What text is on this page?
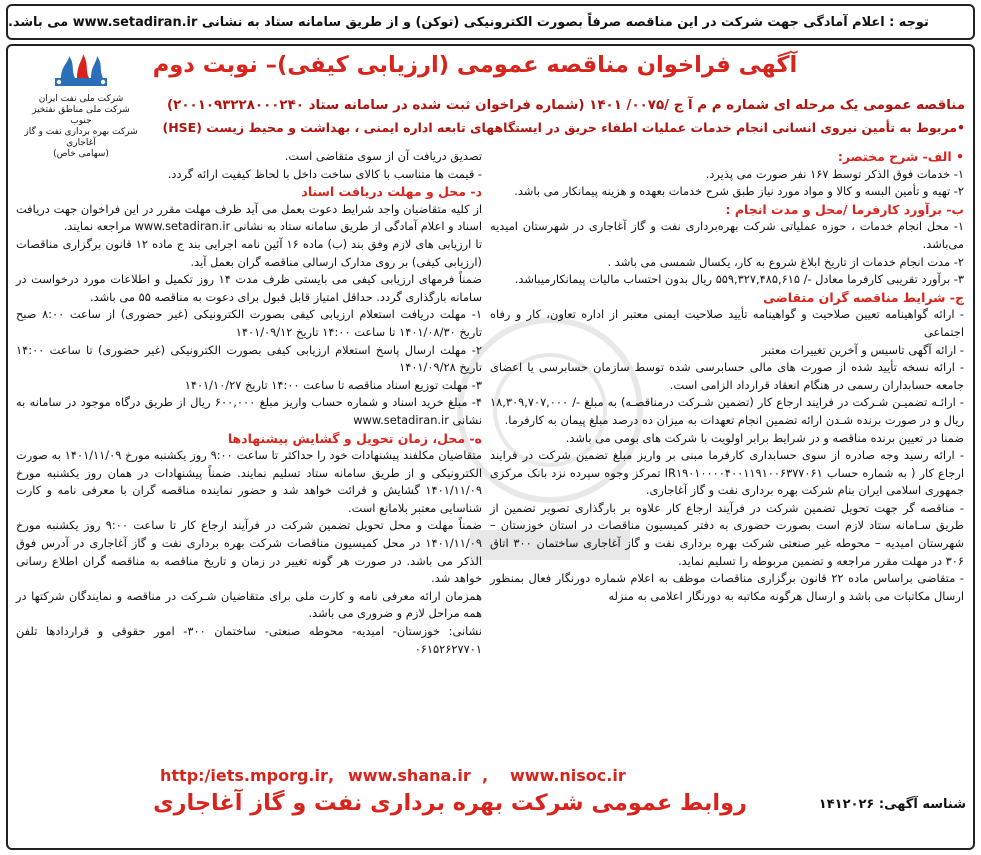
توجه : اعلام آمادگی جهت شرکت در این مناقصه صرفاً بصورت الکترونیکی (توکن) و از طریق سامانه ستاد به نشانی www.setadiran.ir می باشد.
شرکت ملی نفت ایران
شرکت ملی مناطق نفتخیز جنوب
شرکت بهره برداری نفت و گاز آغاجاری
(سهامی خاص)
آگهی فراخوان مناقصه عمومی (ارزیابی کیفی)– نوبت دوم
مناقصه عمومی یک مرحله ای شماره م م آ ج /۰۰۷۵/ ۱۴۰۱ (شماره فراخوان ثبت شده در سامانه ستاد ۲۰۰۱۰۹۳۲۲۸۰۰۰۲۴۰)
•مربوط به تأمین نیروی انسانی انجام خدمات عملیات اطفاء حریق در ایستگاههای تابعه اداره ایمنی ، بهداشت و محیط زیست (HSE)

• الف- شرح مختصر:

۱- خدمات فوق الذکر توسط ۱۶۷ نفر صورت می پذیرد.

۲- تهیه و تأمین البسه و کالا و مواد مورد نیاز طبق شرح خدمات بعهده و هزینه پیمانکار می باشد.

ب- برآورد کارفرما /محل و مدت انجام :

۱- محل انجام خدمات ، حوزه عملیاتی شرکت بهره‌برداری نفت و گاز آغاجاری در شهرستان امیدیه می‌باشد.

۲- مدت انجام خدمات از تاریخ ابلاغ شروع به کار، یکسال شمسی می باشد .

۳- برآورد تقریبی کارفرما معادل -/ ۵۵۹,۳۲۷,۴۸۵,۶۱۵ ریال بدون احتساب مالیات پیمانکارمیباشد.

ج- شرایط مناقصه گران متقاضی

- ارائه گواهینامه تعیین صلاحیت و گواهینامه تأیید صلاحیت ایمنی معتبر از اداره تعاون، کار و رفاه اجتماعی

- ارائه آگهی تاسیس و آخرین تغییرات معتبر

- ارائه نسخه تأیید شده از صورت های مالی حسابرسی شده توسط سازمان حسابرسی یا اعضای جامعه حسابداران رسمی در هنگام انعقاد قرارداد الزامی است.

- ارائـه تضمیـن شـرکت در فرایند ارجاع کار (تضمین شـرکت درمناقصـه) به مبلغ -/ ۱۸,۳۰۹,۷۰۷,۰۰۰ ریال و در صورت برنده شـدن ارائه تضمین انجام تعهدات به میزان ده درصد مبلغ پیمان به کارفرما.

ضمنا در تعیین برنده مناقصه و در شرایط برابر اولویت با شرکت های بومی می باشد.

- ارائه رسید وجه صادره از سوی حسابداری کارفرما مبنی بر واریز مبلغ تضمین شرکت در فرایند ارجاع کار ( به شماره حساب IR۱۹۰۱۰۰۰۰۴۰۰۱۱۹۱۰۰۶۳۷۷۰۶۱ تمرکز وجوه سپرده نزد بانک مرکزی جمهوری اسلامی ایران بنام شرکت بهره برداری نفت و گاز آغاجاری.

- مناقصه گر جهت تحویل تضمین شرکت در فرآیند ارجاع کار علاوه بر بارگذاری تصویر تضمین از طریق سـامانه ستاد لازم است بصورت حضوری به دفتر کمیسیون مناقصات در استان خوزستان – شهرستان امیدیه – محوطه غیر صنعتی شرکت بهره برداری نفت و گاز آغاجاری ساختمان ۳۰۰ اتاق ۳۰۶ در مهلت مقرر مراجعه و تضمین مربوطه را تسلیم نماید.

- متقاضی براساس ماده ۲۲ قانون برگزاری مناقصات موظف به اعلام شماره دورنگار فعال بمنظور ارسال مکاتبات می باشد و ارسال هرگونه مکاتبه به دورنگار اعلامی به منزله

تصدیق دریافت آن از سوی متقاضی است.

- قیمت ها متناسب با کالای ساخت داخل با لحاظ کیفیت ارائه گردد.

د- محل و مهلت دریافت اسناد

از کلیه متقاضیان واجد شرایط دعوت بعمل می آید ظرف مهلت مقرر در این فراخوان جهت دریافت اسناد و اعلام آمادگی از طریق سامانه ستاد به نشانی www.setadiran.ir مراجعه نمایند.

تا ارزیابی های لازم وفق بند (ب) ماده ۱۶ آئین نامه اجرایی بند ج ماده ۱۲ قانون برگزاری مناقصات (ارزیابی کیفی) بر روی مدارک ارسالی مناقصه گران بعمل آید.

ضمناً فرمهای ارزیابی کیفی می بایستی ظرف مدت ۱۴ روز تکمیل و اطلاعات مورد درخواست در سامانه بارگذاری گردد. حداقل امتیاز قابل قبول برای دعوت به مناقصه ۵۵ می باشد.

۱- مهلت دریافت استعلام ارزیابی کیفی بصورت الکترونیکی (غیر حضوری) از ساعت ۸:۰۰ صبح تاریخ ۱۴۰۱/۰۸/۳۰ تا ساعت ۱۴:۰۰ تاریخ ۱۴۰۱/۰۹/۱۲

۲- مهلت ارسال پاسخ استعلام ارزیابی کیفی بصورت الکترونیکی (غیر حضوری) تا ساعت ۱۴:۰۰ تاریخ ۱۴۰۱/۰۹/۲۸

۳- مهلت توزیع اسناد مناقصه تا ساعت ۱۴:۰۰ تاریخ ۱۴۰۱/۱۰/۲۷

۴- مبلغ خرید اسناد و شماره حساب واریز مبلغ ۶۰۰,۰۰۰ ریال از طریق درگاه موجود در سامانه به نشانی www.setadiran.ir

ه- محل، زمان تحویل و گشایش پیشنهادها

متقاضیان مکلفند پیشنهادات خود را حداکثر تا ساعت ۹:۰۰ روز یکشنبه مورخ ۱۴۰۱/۱۱/۰۹ به صورت الکترونیکی و از طریق سامانه ستاد تسلیم نمایند. ضمناً پیشنهادات در همان روز یکشنبه مورخ ۱۴۰۱/۱۱/۰۹ گشایش و قرائت خواهد شد و حضور نماینده مناقصه گران با معرفی نامه و کارت شناسایی معتبر بلامانع است.

ضمناً مهلت و محل تحویل تضمین شرکت در فرآیند ارجاع کار تا ساعت ۹:۰۰ روز یکشنبه مورخ ۱۴۰۱/۱۱/۰۹ در محل کمیسیون مناقصات شرکت بهره برداری نفت و گاز آغاجاری در آدرس فوق الذکر می باشد. در صورت هر گونه تغییر در زمان و تاریخ مناقصه به مناقصه گران اطلاع رسانی خواهد شد.

همزمان ارائه معرفی نامه و کارت ملی برای متقاضیان شـرکت در مناقصه و نمایندگان شرکتها در همه مراحل لازم و ضروری می باشد.

نشانی: خوزستان- امیدیه- محوطه صنعتی- ساختمان ۳۰۰- امور حقوقی و قراردادها تلفن ۰۶۱۵۲۶۲۷۷۰۱

http:/iets.mporg.ir , www.shana.ir , www.nisoc.ir
روابط عمومی شرکت بهره برداری نفت و گاز آغاجاری	شناسه آگهی: ۱۴۱۲۰۲۶
